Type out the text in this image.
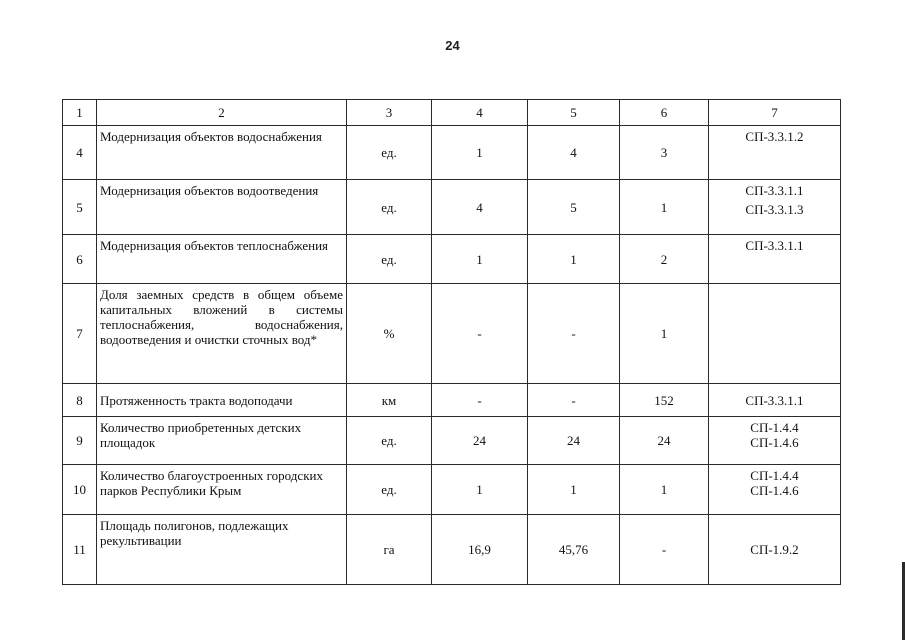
24
1	2	3	4	5	6	7
4	Модернизация объектов водоснабжения	ед.	1	4	3	СП-3.3.1.2

5	Модернизация объектов водоотведения	ед.	4	5	1	СП-3.3.1.1
СП-3.3.1.3

6	Модернизация объектов теплоснабжения	ед.	1	1	2	СП-3.3.1.1

7	Доля заемных средств в общем объеме капитальных вложений в системы теплоснабжения, водоснабжения, водоотведения и очистки сточных вод*	%	-	-	1	
8	Протяженность тракта водоподачи	км	-	-	152	СП-3.3.1.1

9	Количество приобретенных детских площадок	ед.	24	24	24	СП-1.4.4
СП-1.4.6

10	Количество благоустроенных городских парков Республики Крым	ед.	1	1	1	СП-1.4.4
СП-1.4.6

11	Площадь полигонов, подлежащих рекультивации	га	16,9	45,76	-	СП-1.9.2
